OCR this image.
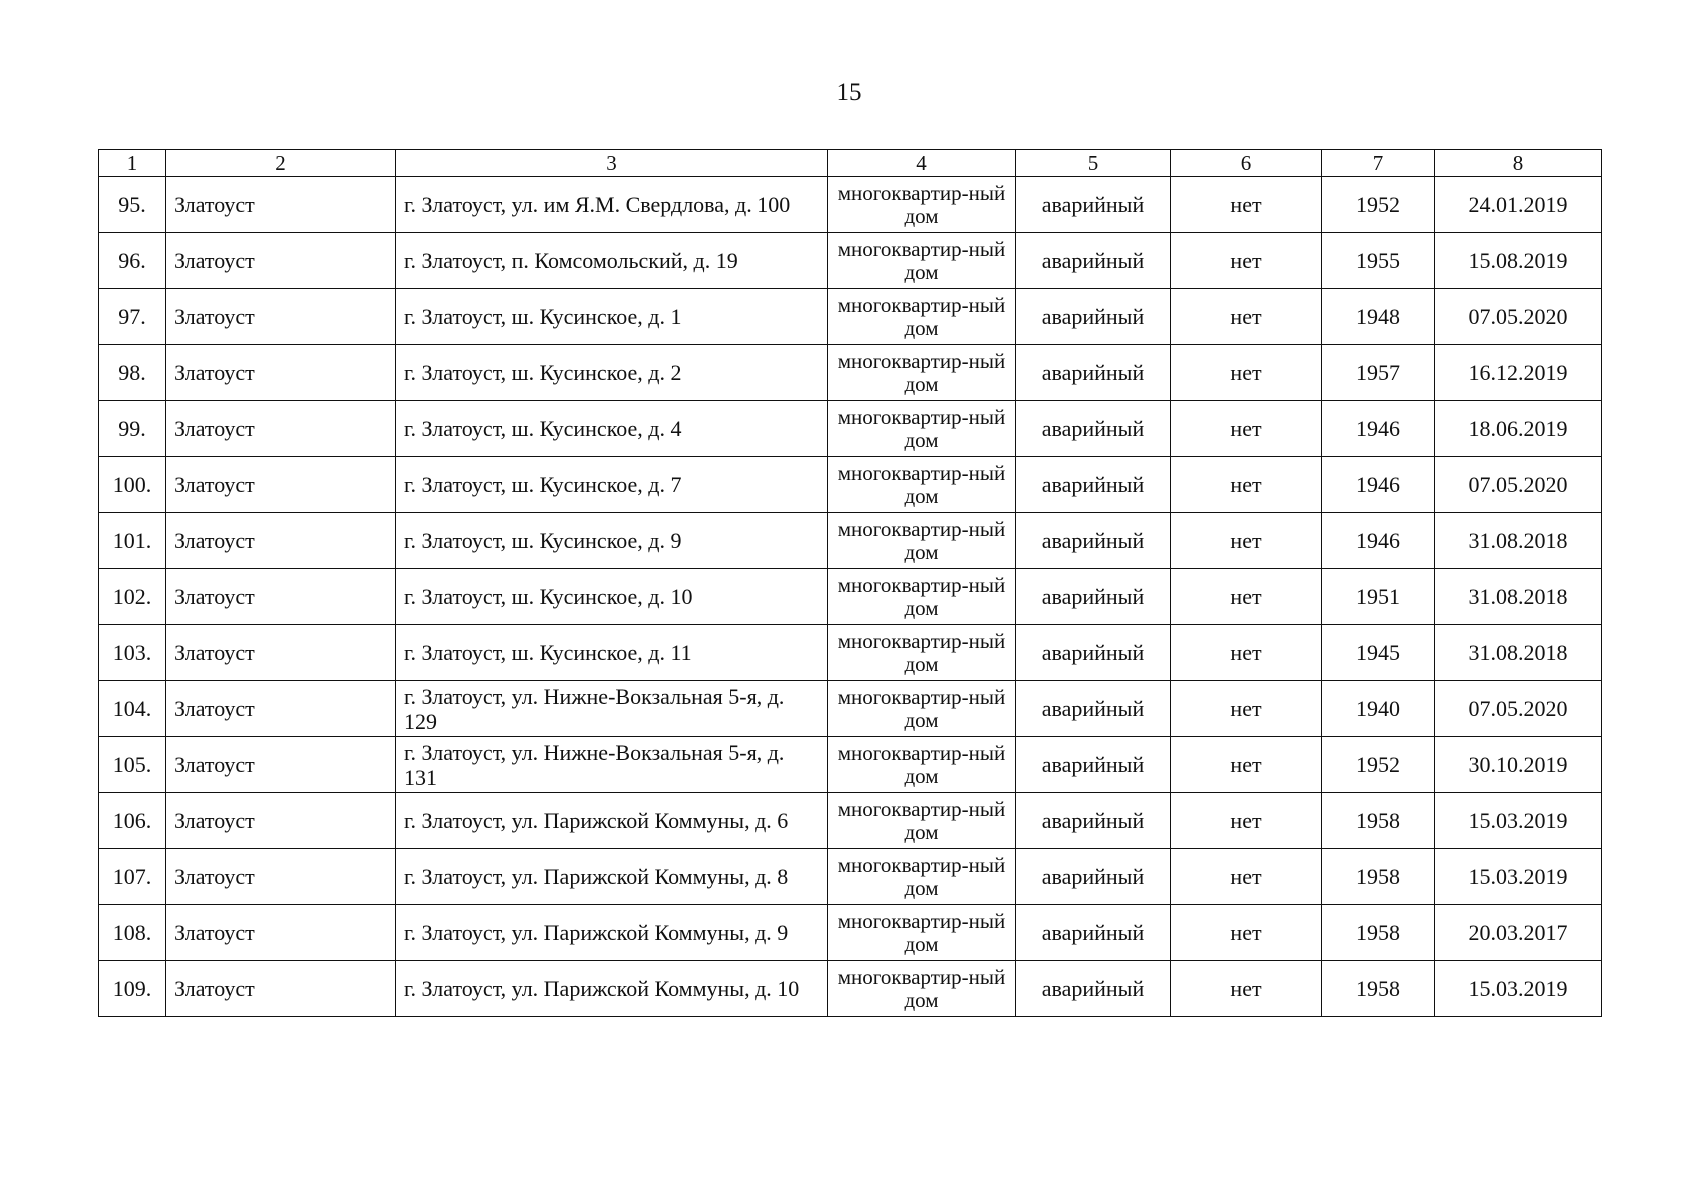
15
1	2	3	4	5	6	7	8
95.	Златоуст	г. Златоуст, ул. им Я.М. Свердлова, д. 100	многоквартир-ный дом	аварийный	нет	1952	24.01.2019
96.	Златоуст	г. Златоуст, п. Комсомольский, д. 19	многоквартир-ный дом	аварийный	нет	1955	15.08.2019
97.	Златоуст	г. Златоуст, ш. Кусинское, д. 1	многоквартир-ный дом	аварийный	нет	1948	07.05.2020
98.	Златоуст	г. Златоуст, ш. Кусинское, д. 2	многоквартир-ный дом	аварийный	нет	1957	16.12.2019
99.	Златоуст	г. Златоуст, ш. Кусинское, д. 4	многоквартир-ный дом	аварийный	нет	1946	18.06.2019
100.	Златоуст	г. Златоуст, ш. Кусинское, д. 7	многоквартир-ный дом	аварийный	нет	1946	07.05.2020
101.	Златоуст	г. Златоуст, ш. Кусинское, д. 9	многоквартир-ный дом	аварийный	нет	1946	31.08.2018
102.	Златоуст	г. Златоуст, ш. Кусинское, д. 10	многоквартир-ный дом	аварийный	нет	1951	31.08.2018
103.	Златоуст	г. Златоуст, ш. Кусинское, д. 11	многоквартир-ный дом	аварийный	нет	1945	31.08.2018
104.	Златоуст	г. Златоуст, ул. Нижне-Вокзальная 5-я, д. 129	многоквартир-ный дом	аварийный	нет	1940	07.05.2020
105.	Златоуст	г. Златоуст, ул. Нижне-Вокзальная 5-я, д. 131	многоквартир-ный дом	аварийный	нет	1952	30.10.2019
106.	Златоуст	г. Златоуст, ул. Парижской Коммуны, д. 6	многоквартир-ный дом	аварийный	нет	1958	15.03.2019
107.	Златоуст	г. Златоуст, ул. Парижской Коммуны, д. 8	многоквартир-ный дом	аварийный	нет	1958	15.03.2019
108.	Златоуст	г. Златоуст, ул. Парижской Коммуны, д. 9	многоквартир-ный дом	аварийный	нет	1958	20.03.2017
109.	Златоуст	г. Златоуст, ул. Парижской Коммуны, д. 10	многоквартир-ный дом	аварийный	нет	1958	15.03.2019
